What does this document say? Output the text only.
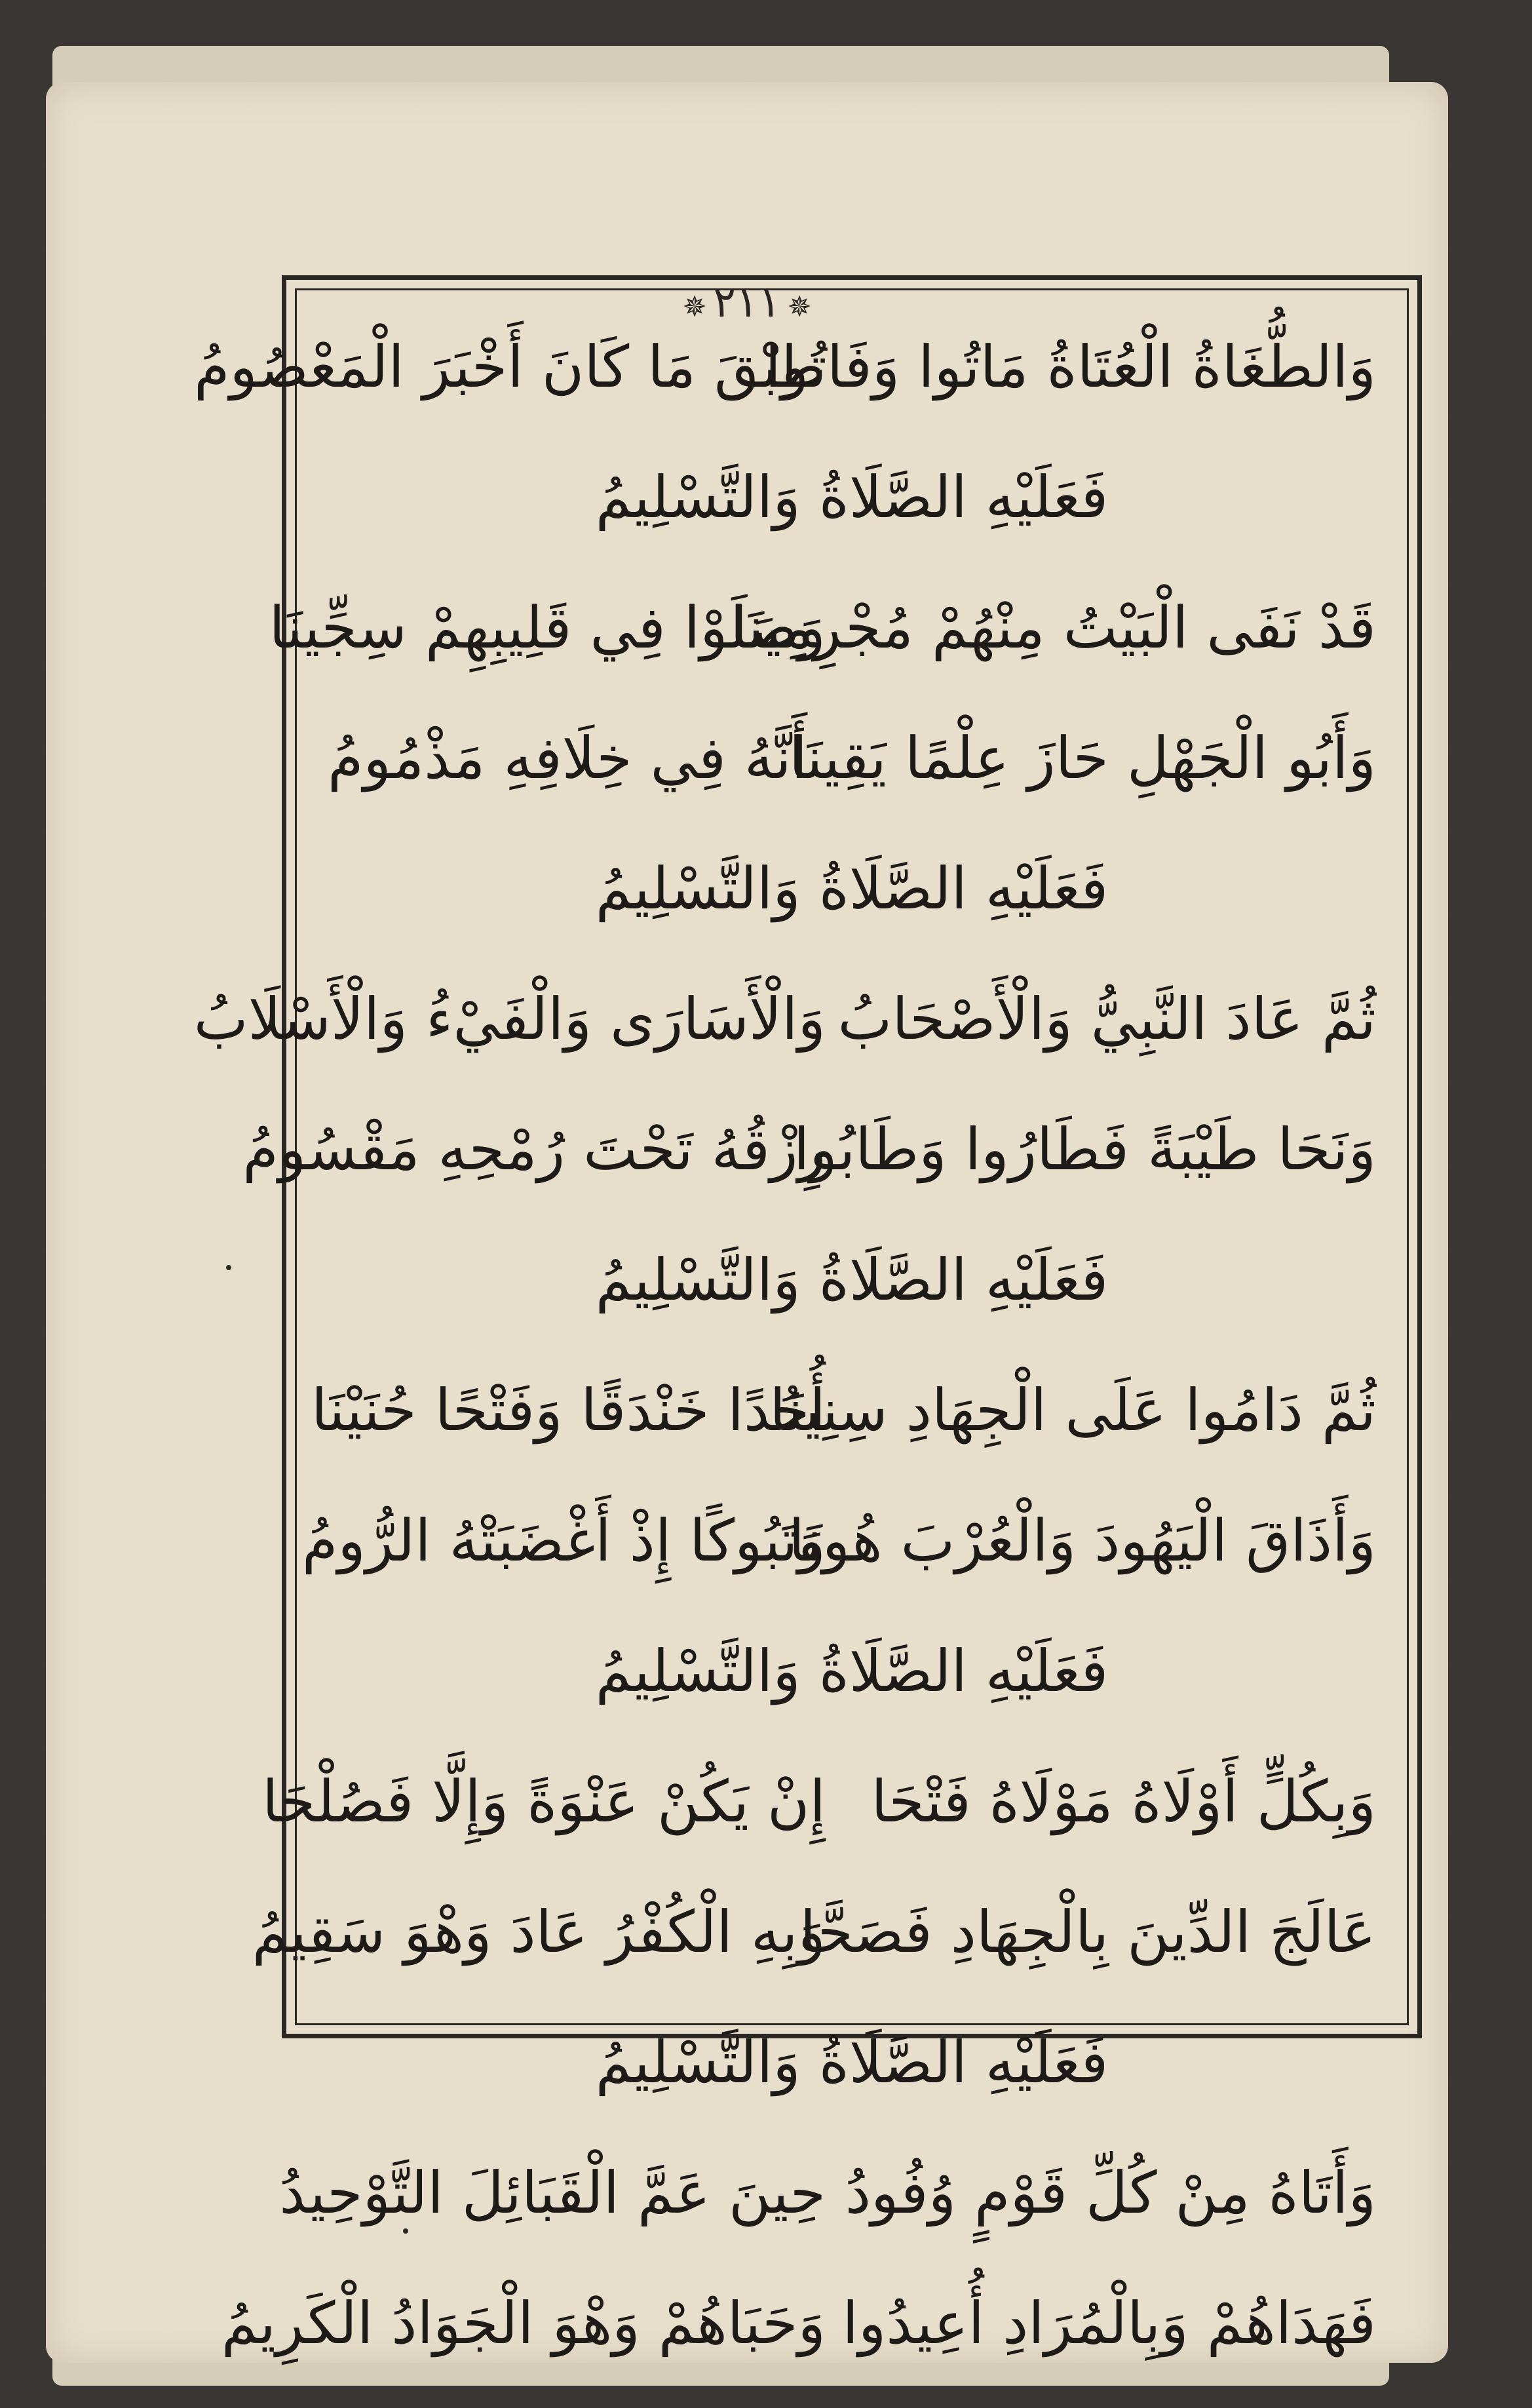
✵٢١١✵
وَالطُّغَاةُ الْعُتَاةُ مَاتُوا وَفَاتُوا
طِبْقَ مَا كَانَ أَخْبَرَ الْمَعْصُومُ
فَعَلَيْهِ الصَّلَاةُ وَالتَّسْلِيمُ
قَدْ نَفَى الْبَيْتُ مِنْهُمْ مُجْرِمِينَا
وَصَلَوْا فِي قَلِيبِهِمْ سِجِّينَا
وَأَبُو الْجَهْلِ حَازَ عِلْمًا يَقِينَا
أَنَّهُ فِي خِلَافِهِ مَذْمُومُ
فَعَلَيْهِ الصَّلَاةُ وَالتَّسْلِيمُ
ثُمَّ عَادَ النَّبِيُّ وَالْأَصْحَابُ
وَالْأَسَارَى وَالْفَيْءُ وَالْأَسْلَابُ
وَنَحَا طَيْبَةً فَطَارُوا وَطَابُوا
رِزْقُهُ تَحْتَ رُمْحِهِ مَقْسُومُ
فَعَلَيْهِ الصَّلَاةُ وَالتَّسْلِيمُ
ثُمَّ دَامُوا عَلَى الْجِهَادِ سِنِينَا
أُحُدًا خَنْدَقًا وَفَتْحًا حُنَيْنَا
وَأَذَاقَ الْيَهُودَ وَالْعُرْبَ هُونَا
وَتَبُوكًا إِذْ أَغْضَبَتْهُ الرُّومُ
فَعَلَيْهِ الصَّلَاةُ وَالتَّسْلِيمُ
وَبِكُلٍّ أَوْلَاهُ مَوْلَاهُ فَتْحَا
إِنْ يَكُنْ عَنْوَةً وَإِلَّا فَصُلْحَا
عَالَجَ الدِّينَ بِالْجِهَادِ فَصَحَّا
وَبِهِ الْكُفْرُ عَادَ وَهْوَ سَقِيمُ
فَعَلَيْهِ الصَّلَاةُ وَالتَّسْلِيمُ
وَأَتَاهُ مِنْ كُلِّ قَوْمٍ وُفُودُ
حِينَ عَمَّ الْقَبَائِلَ التَّوْحِيدُ
فَهَدَاهُمْ وَبِالْمُرَادِ أُعِيدُوا
وَحَبَاهُمْ وَهْوَ الْجَوَادُ الْكَرِيمُ
